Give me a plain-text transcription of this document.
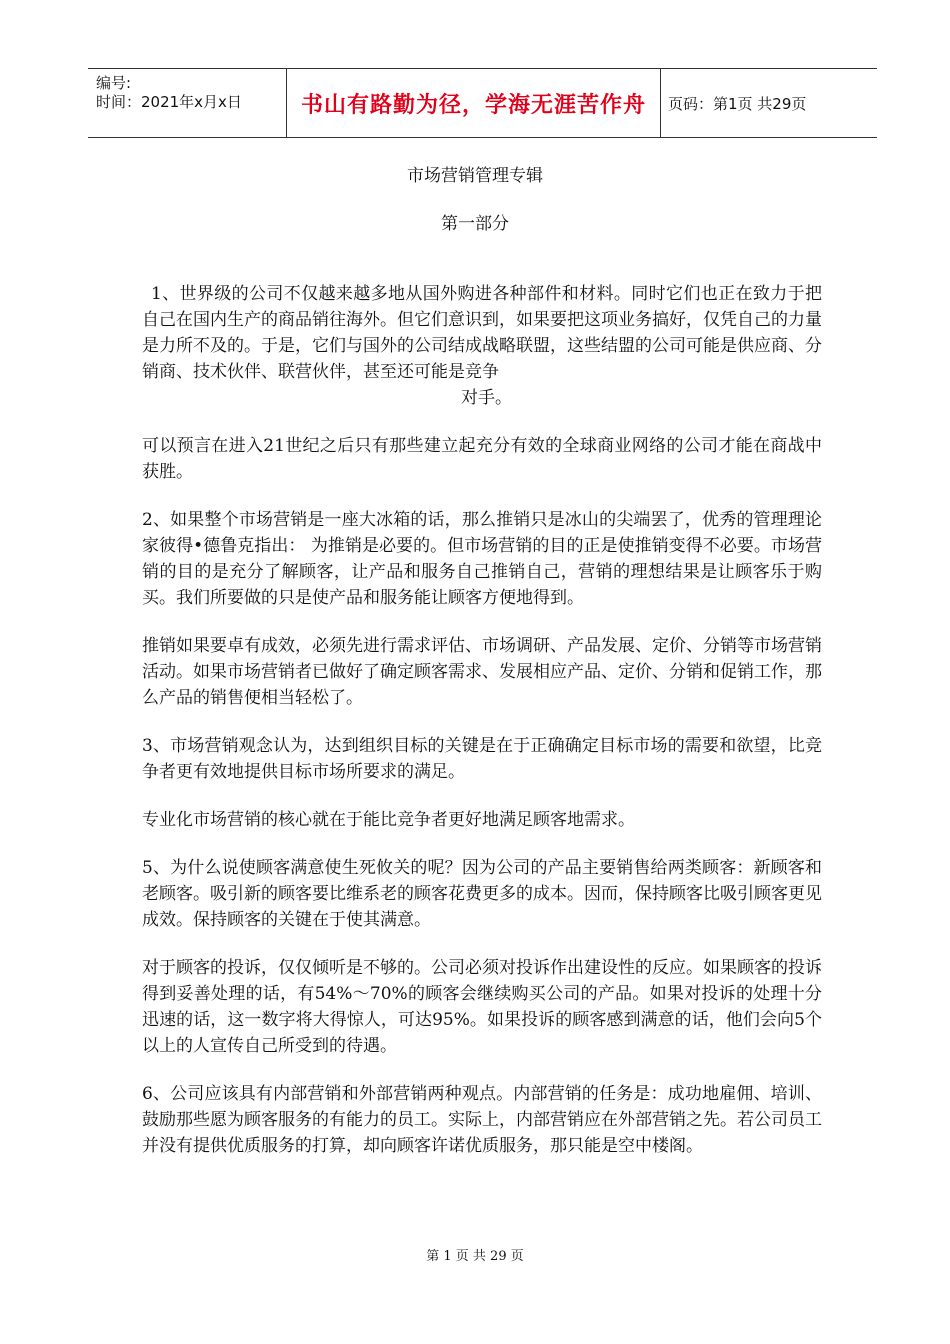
编号:
时间：2021年x月x日	书山有路勤为径，学海无涯苦作舟	页码：第1页 共29页
市场营销管理专辑
第一部分

1、世界级的公司不仅越来越多地从国外购进各种部件和材料。同时它们也正在致力于把自己在国内生产的商品销往海外。但它们意识到，如果要把这项业务搞好，仅凭自己的力量是力所不及的。于是，它们与国外的公司结成战略联盟，这些结盟的公司可能是供应商、分销商、技术伙伴、联营伙伴，甚至还可能是竞争
对手。

可以预言在进入21世纪之后只有那些建立起充分有效的全球商业网络的公司才能在商战中获胜。

2、如果整个市场营销是一座大冰箱的话，那么推销只是冰山的尖端罢了，优秀的管理理论家彼得•德鲁克指出： 为推销是必要的。但市场营销的目的正是使推销变得不必要。市场营销的目的是充分了解顾客，让产品和服务自己推销自己，营销的理想结果是让顾客乐于购买。我们所要做的只是使产品和服务能让顾客方便地得到。

推销如果要卓有成效，必须先进行需求评估、市场调研、产品发展、定价、分销等市场营销活动。如果市场营销者已做好了确定顾客需求、发展相应产品、定价、分销和促销工作，那么产品的销售便相当轻松了。

3、市场营销观念认为，达到组织目标的关键是在于正确确定目标市场的需要和欲望，比竞争者更有效地提供目标市场所要求的满足。

专业化市场营销的核心就在于能比竞争者更好地满足顾客地需求。

5、为什么说使顾客满意使生死攸关的呢？因为公司的产品主要销售给两类顾客：新顾客和老顾客。吸引新的顾客要比维系老的顾客花费更多的成本。因而，保持顾客比吸引顾客更见成效。保持顾客的关键在于使其满意。

对于顾客的投诉，仅仅倾听是不够的。公司必须对投诉作出建设性的反应。如果顾客的投诉得到妥善处理的话，有54%～70%的顾客会继续购买公司的产品。如果对投诉的处理十分迅速的话，这一数字将大得惊人，可达95%。如果投诉的顾客感到满意的话，他们会向5个以上的人宣传自己所受到的待遇。

6、公司应该具有内部营销和外部营销两种观点。内部营销的任务是：成功地雇佣、培训、鼓励那些愿为顾客服务的有能力的员工。实际上，内部营销应在外部营销之先。若公司员工并没有提供优质服务的打算，却向顾客许诺优质服务，那只能是空中楼阁。

第 1 页 共 29 页
